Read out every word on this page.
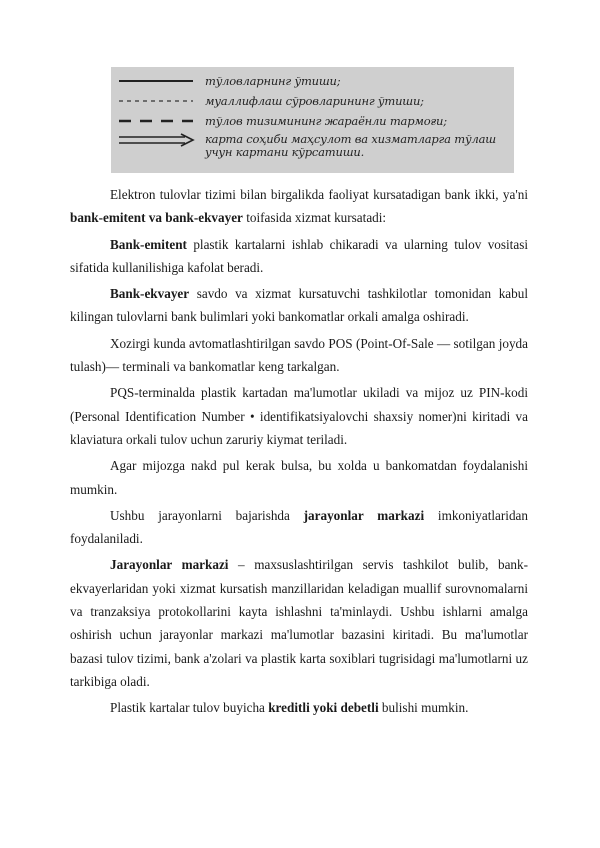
тўловларнинг ўтиши;
муаллифлаш сўровларининг ўтиши;
тўлов тизимининг жараёнли тармоғи;
карта соҳиби маҳсулот ва хизматларга тўлаш учун картани кўрсатиши.

Elektron tulovlar tizimi bilan birgalikda faoliyat kursatadigan bank ikki, ya'ni bank-emitent va bank-ekvayer toifasida xizmat kursatadi:

Bank-emitent plastik kartalarni ishlab chikaradi va ularning tulov vositasi sifatida kullanilishiga kafolat beradi.

Bank-ekvayer savdo va xizmat kursatuvchi tashkilotlar tomonidan kabul kilingan tulovlarni bank bulimlari yoki bankomatlar orkali amalga oshiradi.

Xozirgi kunda avtomatlashtirilgan savdo POS (Point-Of-Sale — sotilgan joyda tulash)— terminali va bankomatlar keng tarkalgan.

PQS-terminalda plastik kartadan ma'lumotlar ukiladi va mijoz uz PIN-kodi (Personal Identification Number • identifikatsiyalovchi shaxsiy nomer)ni kiritadi va klaviatura orkali tulov uchun zaruriy kiymat teriladi.

Agar mijozga nakd pul kerak bulsa, bu xolda u bankomatdan foydalanishi mumkin.

Ushbu jarayonlarni bajarishda jarayonlar markazi imkoniyatlaridan foydalaniladi.

Jarayonlar markazi – maxsuslashtirilgan servis tashkilot bulib, bank-ekvayerlaridan yoki xizmat kursatish manzillaridan keladigan muallif surovnomalarni va tranzaksiya protokollarini kayta ishlashni ta'minlaydi. Ushbu ishlarni amalga oshirish uchun jarayonlar markazi ma'lumotlar bazasini kiritadi. Bu ma'lumotlar bazasi tulov tizimi, bank a'zolari va plastik karta soxiblari tugrisidagi ma'lumotlarni uz tarkibiga oladi.

Plastik kartalar tulov buyicha kreditli yoki debetli bulishi mumkin.
